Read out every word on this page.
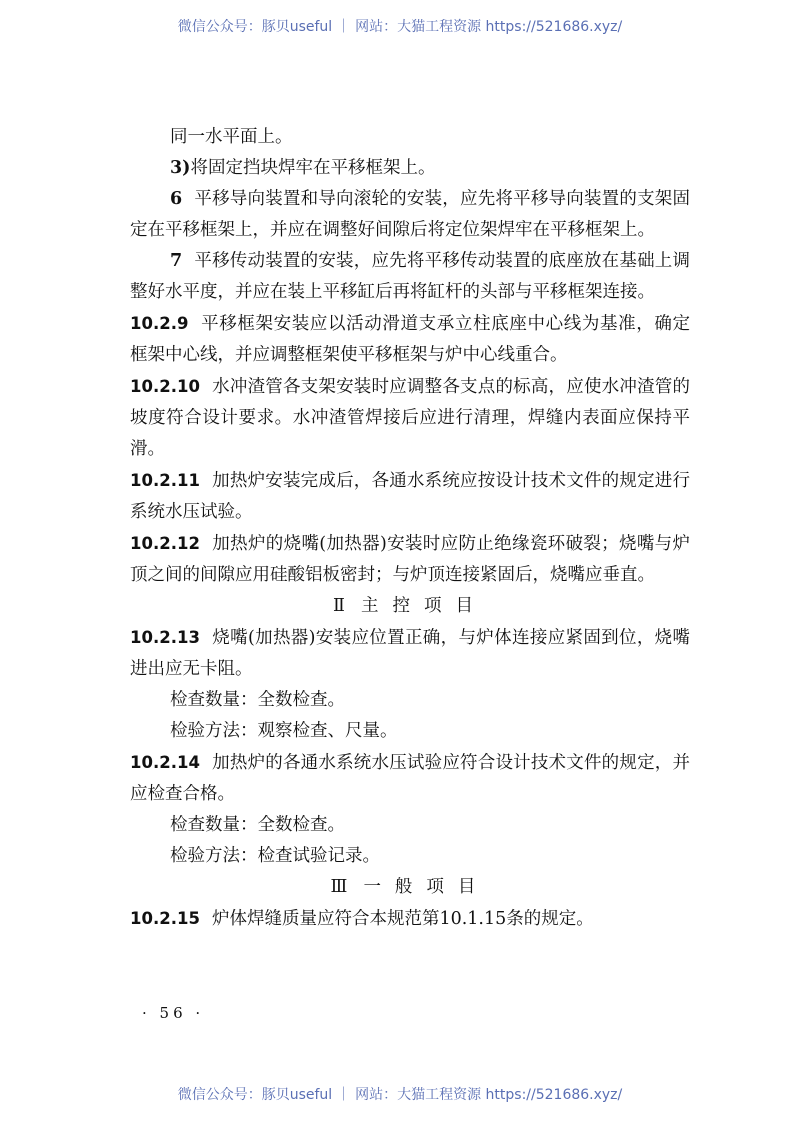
微信公众号：豚贝useful ｜ 网站：大猫工程资源 https://521686.xyz/

同一水平面上。

3)将固定挡块焊牢在平移框架上。

6 平移导向装置和导向滚轮的安装，应先将平移导向装置的支架固定在平移框架上，并应在调整好间隙后将定位架焊牢在平移框架上。

7 平移传动装置的安装，应先将平移传动装置的底座放在基础上调整好水平度，并应在装上平移缸后再将缸杆的头部与平移框架连接。

10.2.9 平移框架安装应以活动滑道支承立柱底座中心线为基准，确定框架中心线，并应调整框架使平移框架与炉中心线重合。

10.2.10 水冲渣管各支架安装时应调整各支点的标高，应使水冲渣管的坡度符合设计要求。水冲渣管焊接后应进行清理，焊缝内表面应保持平滑。

10.2.11 加热炉安装完成后，各通水系统应按设计技术文件的规定进行系统水压试验。

10.2.12 加热炉的烧嘴(加热器)安装时应防止绝缘瓷环破裂；烧嘴与炉顶之间的间隙应用硅酸铝板密封；与炉顶连接紧固后，烧嘴应垂直。

Ⅱ 主控项目

10.2.13 烧嘴(加热器)安装应位置正确，与炉体连接应紧固到位，烧嘴进出应无卡阻。

检查数量：全数检查。

检验方法：观察检查、尺量。

10.2.14 加热炉的各通水系统水压试验应符合设计技术文件的规定，并应检查合格。

检查数量：全数检查。

检验方法：检查试验记录。

Ⅲ 一般项目

10.2.15 炉体焊缝质量应符合本规范第10.1.15条的规定。

· 56 ·
微信公众号：豚贝useful ｜ 网站：大猫工程资源 https://521686.xyz/
